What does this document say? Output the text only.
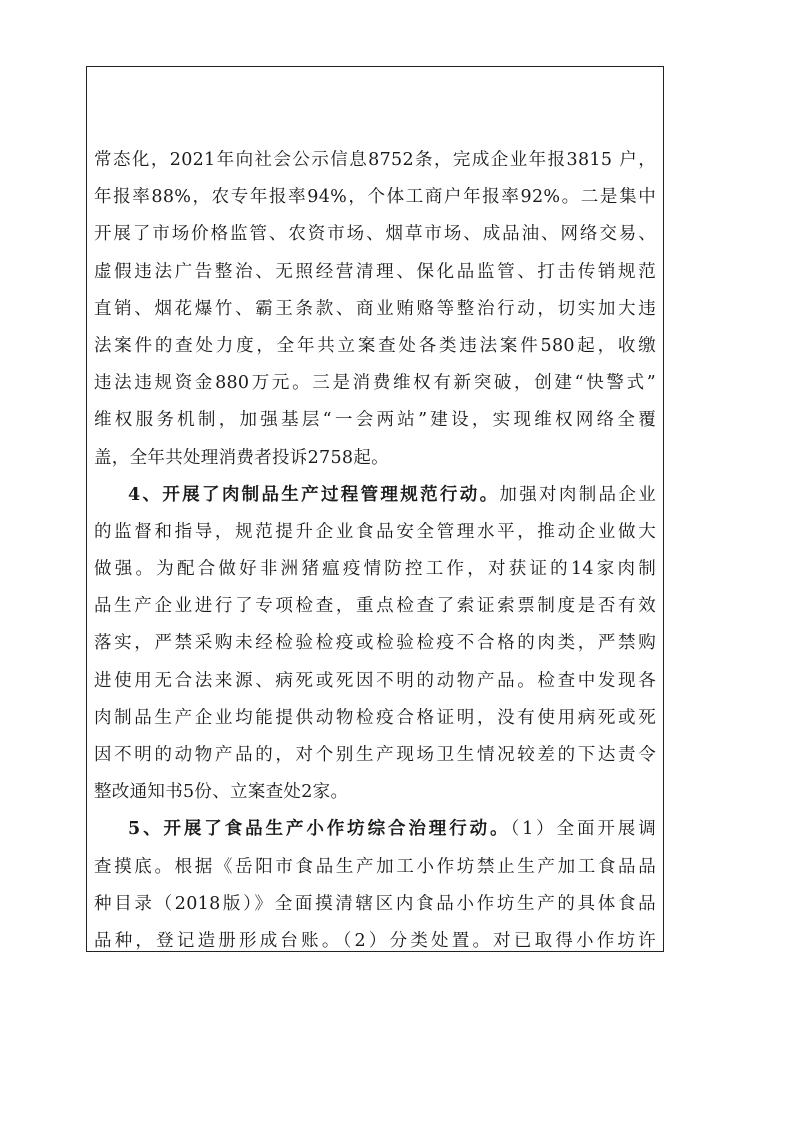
常态化，2021年向社会公示信息8752条，完成企业年报3815 户，
年报率88%，农专年报率94%，个体工商户年报率92%。二是集中
开展了市场价格监管、农资市场、烟草市场、成品油、网络交易、
虚假违法广告整治、无照经营清理、保化品监管、打击传销规范
直销、烟花爆竹、霸王条款、商业贿赂等整治行动，切实加大违
法案件的查处力度，全年共立案查处各类违法案件580起，收缴
违法违规资金880万元。三是消费维权有新突破，创建“快警式”
维权服务机制，加强基层“一会两站”建设，实现维权网络全覆
盖，全年共处理消费者投诉2758起。
4、开展了肉制品生产过程管理规范行动。加强对肉制品企业
的监督和指导，规范提升企业食品安全管理水平，推动企业做大
做强。为配合做好非洲猪瘟疫情防控工作，对获证的14家肉制
品生产企业进行了专项检查，重点检查了索证索票制度是否有效
落实，严禁采购未经检验检疫或检验检疫不合格的肉类，严禁购
进使用无合法来源、病死或死因不明的动物产品。检查中发现各
肉制品生产企业均能提供动物检疫合格证明，没有使用病死或死
因不明的动物产品的，对个别生产现场卫生情况较差的下达责令
整改通知书5份、立案查处2家。
5、开展了食品生产小作坊综合治理行动。（1）全面开展调
查摸底。根据《岳阳市食品生产加工小作坊禁止生产加工食品品
种目录（2018版）》全面摸清辖区内食品小作坊生产的具体食品
品种，登记造册形成台账。（2）分类处置。对已取得小作坊许
